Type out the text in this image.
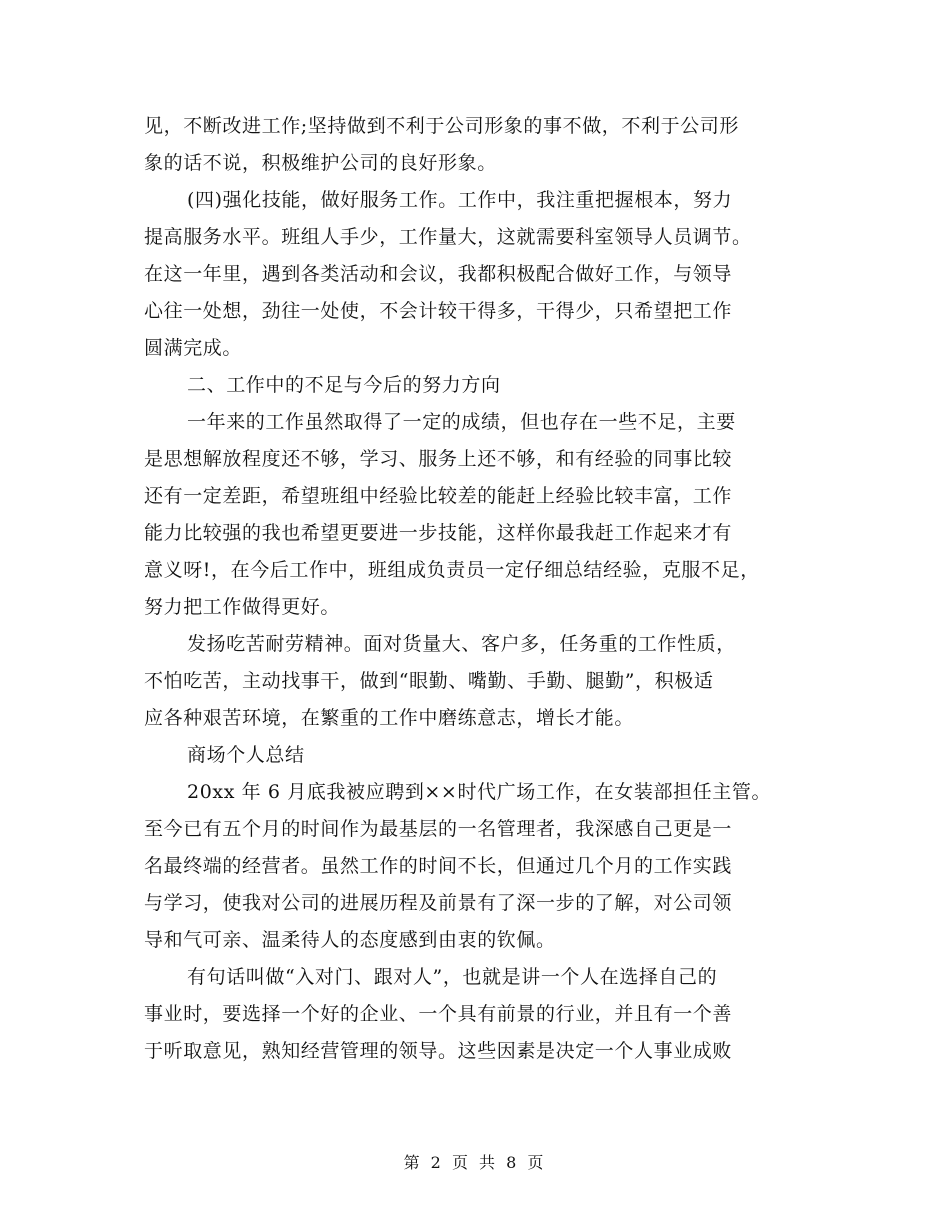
见，不断改进工作;坚持做到不利于公司形象的事不做，不利于公司形
象的话不说，积极维护公司的良好形象。
(四)强化技能，做好服务工作。工作中，我注重把握根本，努力
提高服务水平。班组人手少，工作量大，这就需要科室领导人员调节。
在这一年里，遇到各类活动和会议，我都积极配合做好工作，与领导
心往一处想，劲往一处使，不会计较干得多，干得少，只希望把工作
圆满完成。
二、工作中的不足与今后的努力方向
一年来的工作虽然取得了一定的成绩，但也存在一些不足，主要
是思想解放程度还不够，学习、服务上还不够，和有经验的同事比较
还有一定差距，希望班组中经验比较差的能赶上经验比较丰富，工作
能力比较强的我也希望更要进一步技能，这样你最我赶工作起来才有
意义呀!，在今后工作中，班组成负责员一定仔细总结经验，克服不足，
努力把工作做得更好。
发扬吃苦耐劳精神。面对货量大、客户多，任务重的工作性质，
不怕吃苦，主动找事干，做到“眼勤、嘴勤、手勤、腿勤”，积极适
应各种艰苦环境，在繁重的工作中磨练意志，增长才能。
商场个人总结
20xx 年 6 月底我被应聘到××时代广场工作，在女装部担任主管。
至今已有五个月的时间作为最基层的一名管理者，我深感自己更是一
名最终端的经营者。虽然工作的时间不长，但通过几个月的工作实践
与学习，使我对公司的进展历程及前景有了深一步的了解，对公司领
导和气可亲、温柔待人的态度感到由衷的钦佩。
有句话叫做“入对门、跟对人”，也就是讲一个人在选择自己的
事业时，要选择一个好的企业、一个具有前景的行业，并且有一个善
于听取意见，熟知经营管理的领导。这些因素是决定一个人事业成败
第 2 页 共 8 页
